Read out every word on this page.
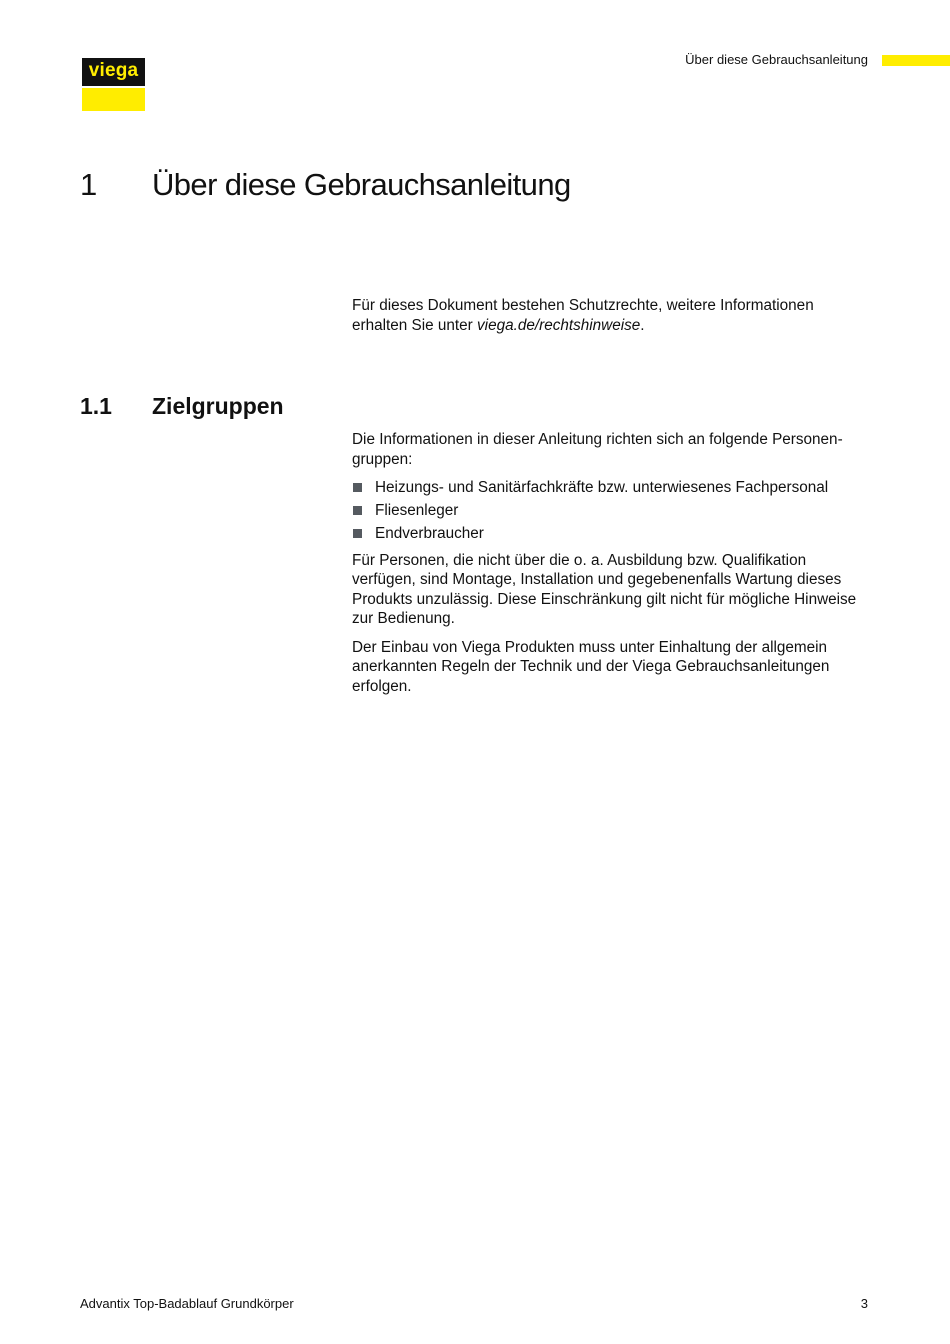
viega
Über diese Gebrauchsanleitung
1 Über diese Gebrauchsanleitung

Für dieses Dokument bestehen Schutzrechte, weitere Informationen erhalten Sie unter viega.de/rechtshinweise.

1.1 Zielgruppen

Die Informationen in dieser Anleitung richten sich an folgende Personengruppen:

Heizungs- und Sanitärfachkräfte bzw. unterwiesenes Fachpersonal
Fliesenleger
Endverbraucher

Für Personen, die nicht über die o. a. Ausbildung bzw. Qualifikation verfügen, sind Montage, Installation und gegebenenfalls Wartung dieses Produkts unzulässig. Diese Einschränkung gilt nicht für mögliche Hinweise zur Bedienung.

Der Einbau von Viega Produkten muss unter Einhaltung der allgemein anerkannten Regeln der Technik und der Viega Gebrauchsanleitungen erfolgen.

Advantix Top-Badablauf Grundkörper	3
